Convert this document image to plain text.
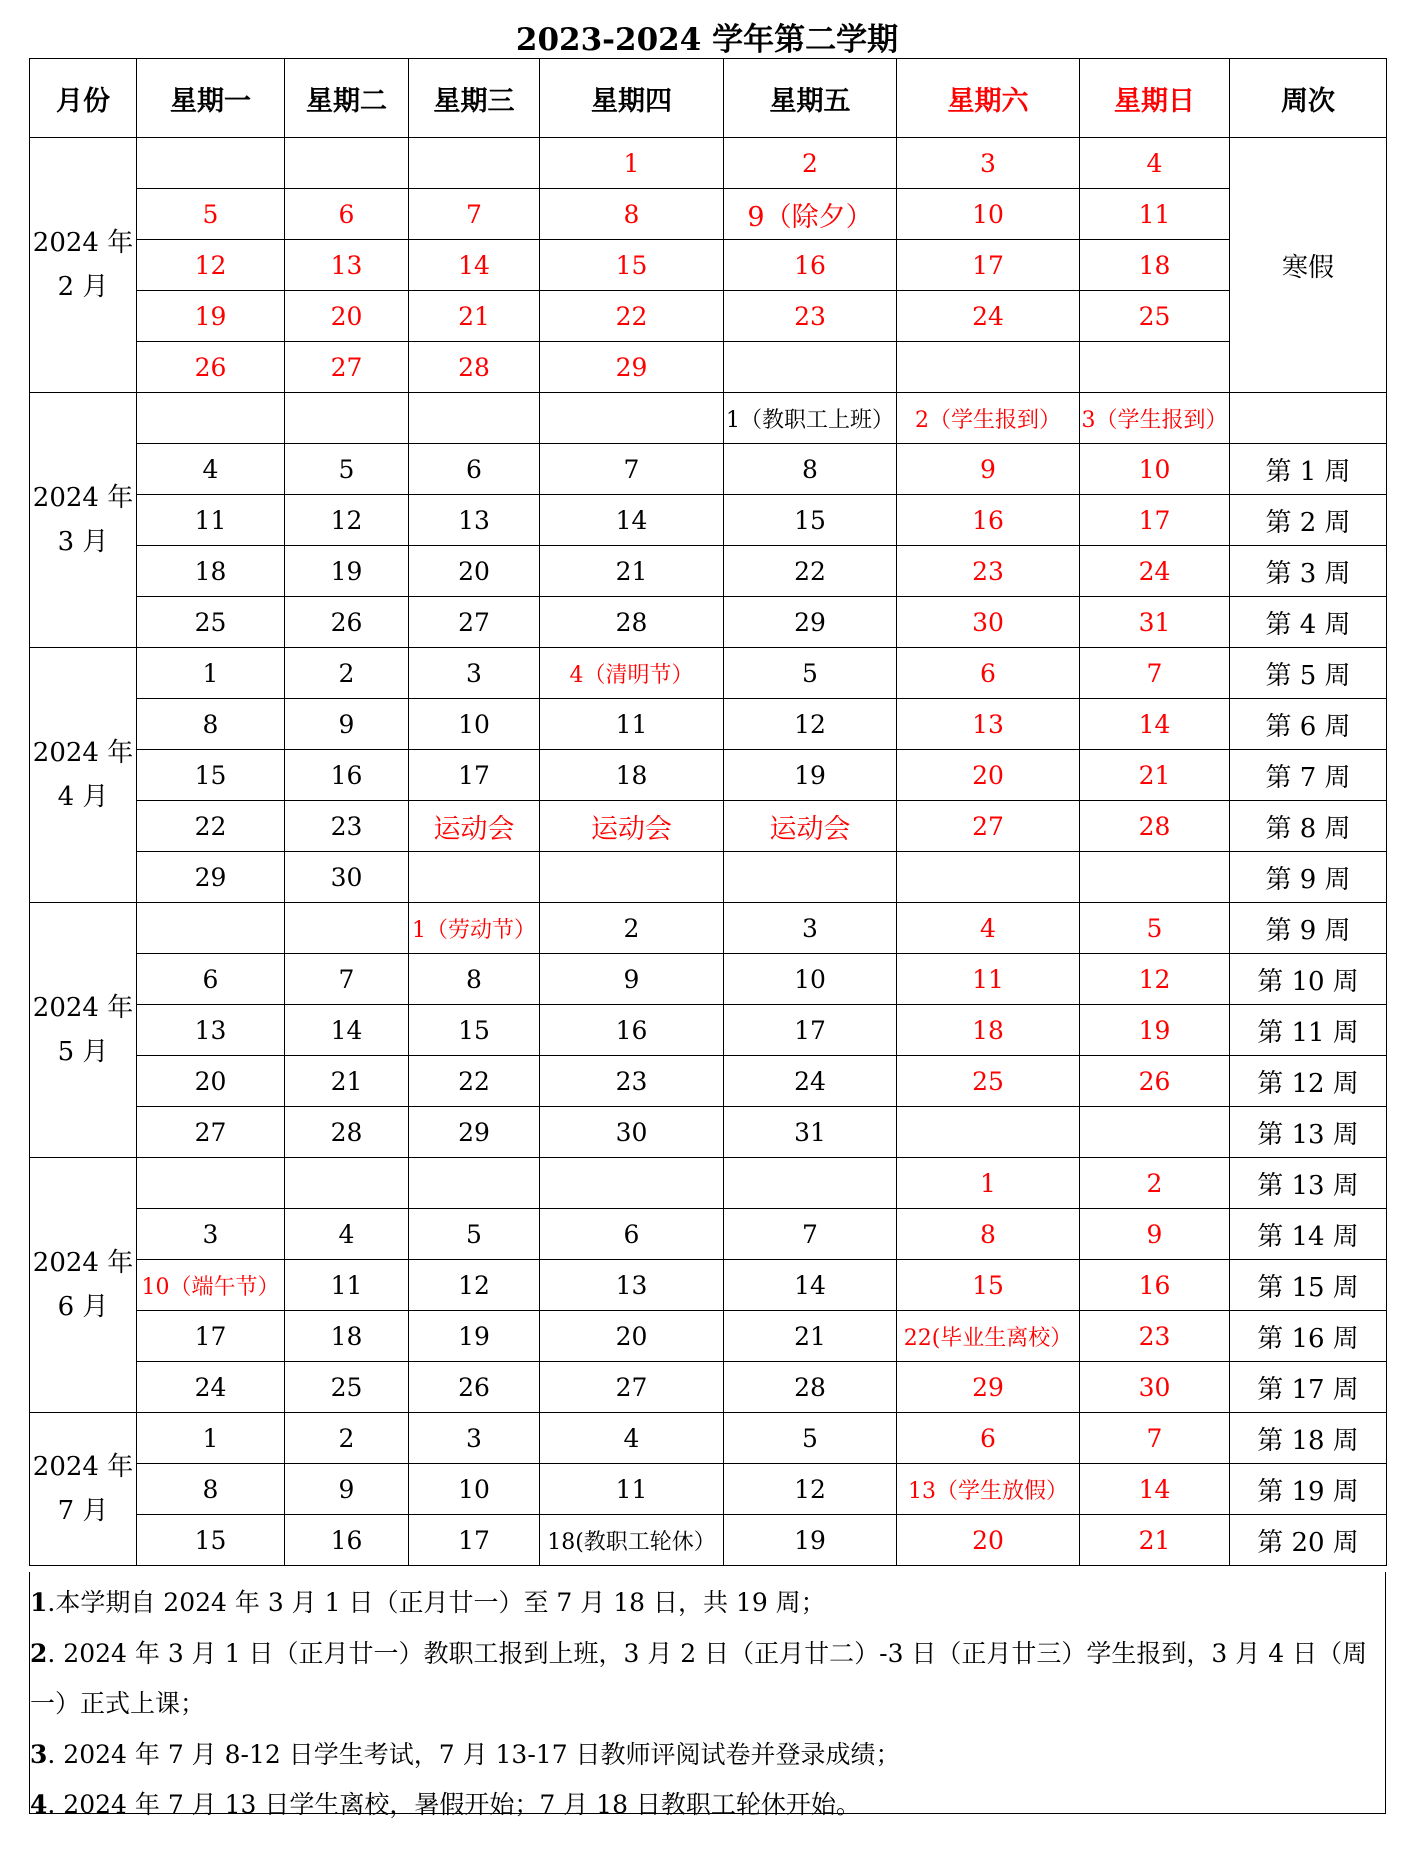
2023-2024 学年第二学期
月份	星期一	星期二	星期三	星期四	星期五	星期六	星期日	周次
2024 年 2 月				1	2	3	4	寒假
	5	6	7	8	9（除夕）	10	11	
	12	13	14	15	16	17	18	
	19	20	21	22	23	24	25	
	26	27	28	29				
2024 年 3 月					1（教职工上班）	2（学生报到）	3（学生报到）	
	4	5	6	7	8	9	10	第 1 周
	11	12	13	14	15	16	17	第 2 周
	18	19	20	21	22	23	24	第 3 周
	25	26	27	28	29	30	31	第 4 周
2024 年 4 月	1	2	3	4（清明节）	5	6	7	第 5 周
	8	9	10	11	12	13	14	第 6 周
	15	16	17	18	19	20	21	第 7 周
	22	23	运动会	运动会	运动会	27	28	第 8 周
	29	30						第 9 周
2024 年 5 月			1（劳动节）	2	3	4	5	第 9 周
	6	7	8	9	10	11	12	第 10 周
	13	14	15	16	17	18	19	第 11 周
	20	21	22	23	24	25	26	第 12 周
	27	28	29	30	31			第 13 周
2024 年 6 月						1	2	第 13 周
	3	4	5	6	7	8	9	第 14 周
	10（端午节）	11	12	13	14	15	16	第 15 周
	17	18	19	20	21	22(毕业生离校）	23	第 16 周
	24	25	26	27	28	29	30	第 17 周
2024 年 7 月	1	2	3	4	5	6	7	第 18 周
	8	9	10	11	12	13（学生放假）	14	第 19 周
	15	16	17	18(教职工轮休）	19	20	21	第 20 周

1.本学期自 2024 年 3 月 1 日（正月廿一）至 7 月 18 日，共 19 周；

2. 2024 年 3 月 1 日（正月廿一）教职工报到上班，3 月 2 日（正月廿二）-3 日（正月廿三）学生报到，3 月 4 日（周一）正式上课；

3. 2024 年 7 月 8-12 日学生考试，7 月 13-17 日教师评阅试卷并登录成绩；

4. 2024 年 7 月 13 日学生离校，暑假开始；7 月 18 日教职工轮休开始。
